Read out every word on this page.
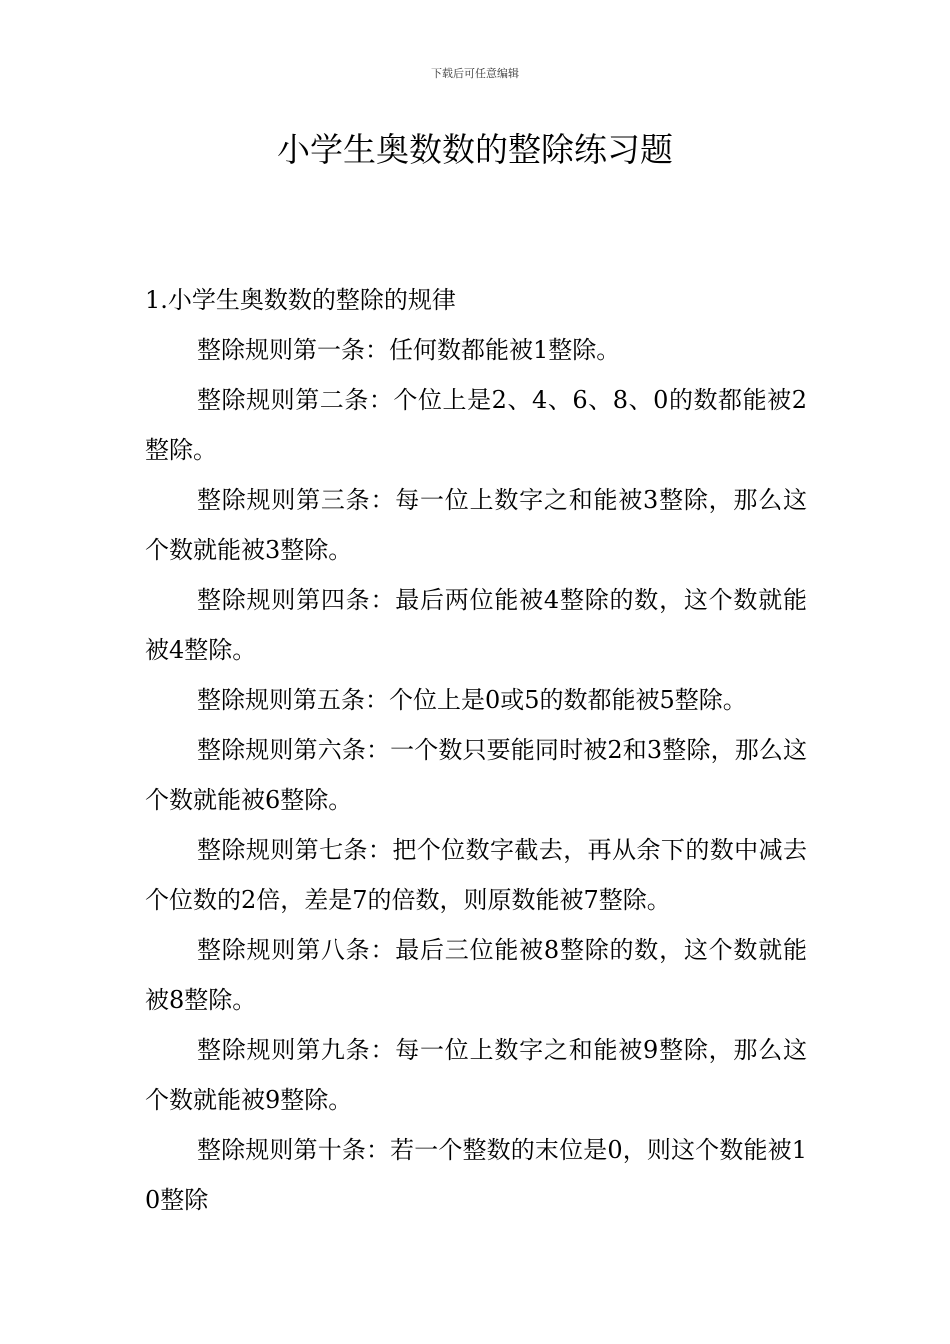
下载后可任意编辑
小学生奥数数的整除练习题

1.小学生奥数数的整除的规律

整除规则第一条：任何数都能被1整除。

整除规则第二条：个位上是2、4、6、8、0的数都能被2整除。

整除规则第三条：每一位上数字之和能被3整除，那么这个数就能被3整除。

整除规则第四条：最后两位能被4整除的数，这个数就能被4整除。

整除规则第五条：个位上是0或5的数都能被5整除。

整除规则第六条：一个数只要能同时被2和3整除，那么这个数就能被6整除。

整除规则第七条：把个位数字截去，再从余下的数中减去个位数的2倍，差是7的倍数，则原数能被7整除。

整除规则第八条：最后三位能被8整除的数，这个数就能被8整除。

整除规则第九条：每一位上数字之和能被9整除，那么这个数就能被9整除。

整除规则第十条：若一个整数的末位是0，则这个数能被10整除
